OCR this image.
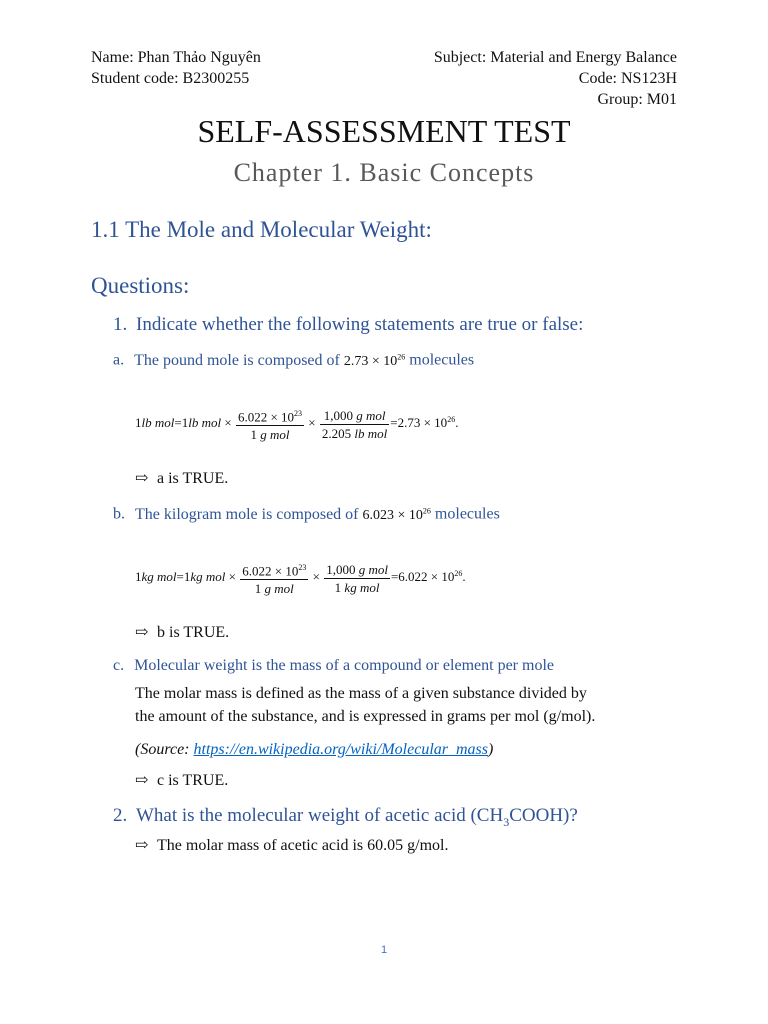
Name: Phan Thảo Nguyên
Student code: B2300255
Subject: Material and Energy Balance
Code: NS123H
Group: M01
SELF-ASSESSMENT TEST
Chapter 1. Basic Concepts
1.1 The Mole and Molecular Weight:
Questions:
1. Indicate whether the following statements are true or false:
a. The pound mole is composed of $2.73 \times 10^{26}$ molecules
1lb mol=1lb mol × $\frac{6.022 \times 10^{23}}{\text{1 g mol}} \times \frac{\text{1,000 g mol}}{\text{2.205 lb mol}} =2.73 \times 10^{26}$.
⇨ a is TRUE.
b. The kilogram mole is composed of $6.023 \times 10^{26}$ molecules
1kg mol=1kg mol × $\frac{6.022 \times 10^{23}}{\text{1 g mol}} \times \frac{\text{1,000 g mol}}{\text{1 kg mol}} =6.022 \times 10^{26}$.
⇨ b is TRUE.
c. Molecular weight is the mass of a compound or element per mole
The molar mass is defined as the mass of a given substance divided by
the amount of the substance, and is expressed in grams per mol (g/mol).
(Source: https://en.wikipedia.org/wiki/Molecular_mass)
⇨ c is TRUE.
2. What is the molecular weight of acetic acid $(CH_3COOH)$?
⇨ The molar mass of acetic acid is 60.05 g/mol.
1
